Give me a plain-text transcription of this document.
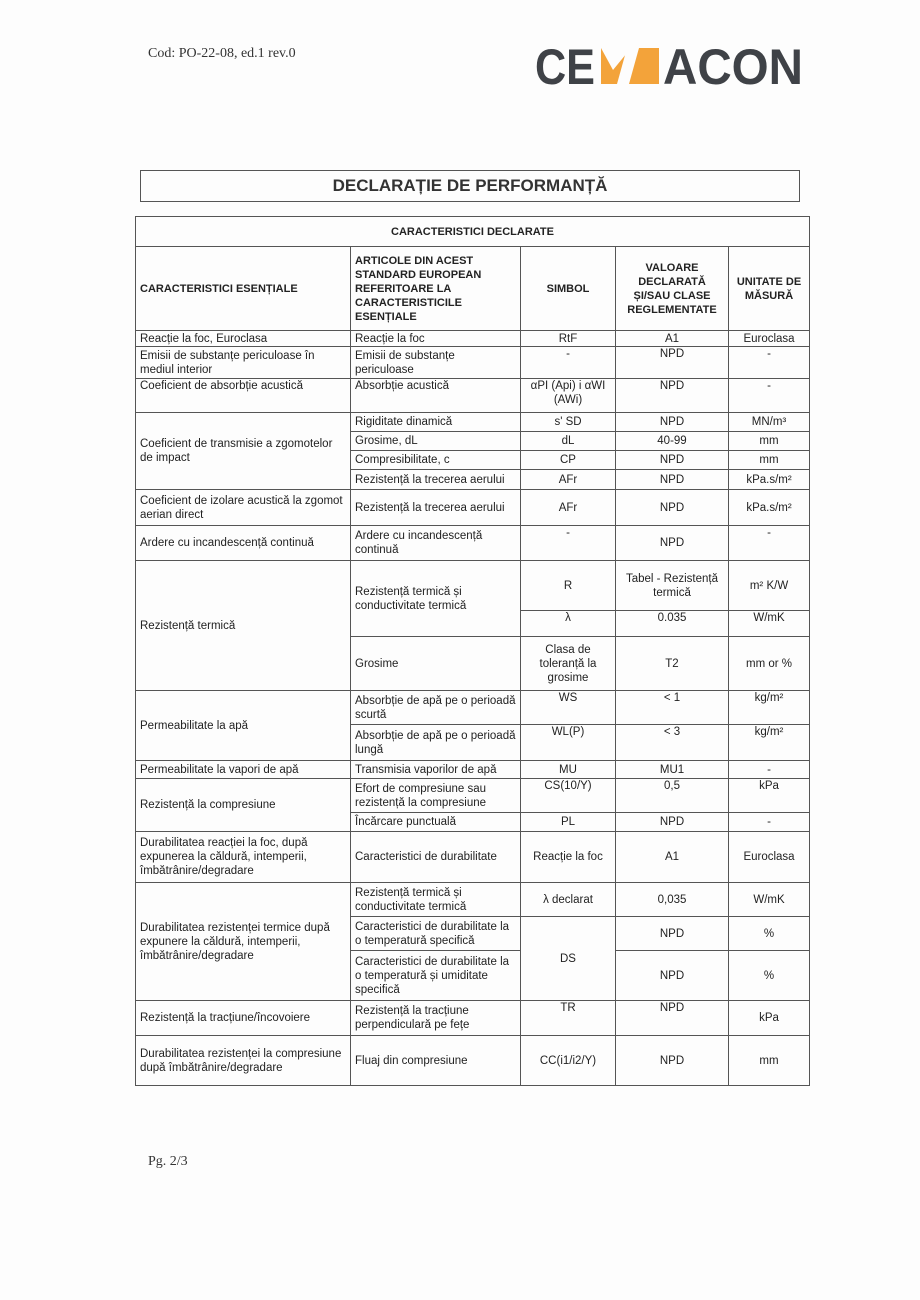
Cod: PO-22-08, ed.1 rev.0	CE ACON
DECLARAȚIE DE PERFORMANȚĂ
CARACTERISTICI DECLARATE				
CARACTERISTICI ESENȚIALE	ARTICOLE DIN ACEST STANDARD EUROPEAN REFERITOARE LA CARACTERISTICILE ESENȚIALE	SIMBOL	VALOARE DECLARATĂ ȘI/SAU CLASE REGLEMENTATE	UNITATE DE MĂSURĂ
Reacție la foc, Euroclasa	Reacție la foc	RtF	A1	Euroclasa
Emisii de substanțe periculoase în mediul interior	Emisii de substanțe periculoase	-	NPD	-
Coeficient de absorbție acustică	Absorbție acustică	αPI (Api) i αWI (AWi)	NPD	-
Coeficient de transmisie a zgomotelor de impact	Rigiditate dinamică	s' SD	NPD	MN/m³
	Grosime, dL	dL	40-99	mm
	Compresibilitate, c	CP	NPD	mm
	Rezistență la trecerea aerului	AFr	NPD	kPa.s/m²
Coeficient de izolare acustică la zgomot aerian direct	Rezistență la trecerea aerului	AFr	NPD	kPa.s/m²
Ardere cu incandescență continuă	Ardere cu incandescență continuă	-	NPD	-
Rezistență termică	Rezistență termică și conductivitate termică	R	Tabel - Rezistență termică	m² K/W
		λ	0.035	W/mK
	Grosime	Clasa de toleranță la grosime	T2	mm or %
Permeabilitate la apă	Absorbție de apă pe o perioadă scurtă	WS	< 1	kg/m²
	Absorbție de apă pe o perioadă lungă	WL(P)	< 3	kg/m²
Permeabilitate la vapori de apă	Transmisia vaporilor de apă	MU	MU1	-
Rezistență la compresiune	Efort de compresiune sau rezistență la compresiune	CS(10/Y)	0,5	kPa
	Încărcare punctuală	PL	NPD	-
Durabilitatea reacției la foc, după expunerea la căldură, intemperii, îmbătrânire/degradare	Caracteristici de durabilitate	Reacție la foc	A1	Euroclasa
Durabilitatea rezistenței termice după expunere la căldură, intemperii, îmbătrânire/degradare	Rezistență termică și conductivitate termică	λ declarat	0,035	W/mK
	Caracteristici de durabilitate la o temperatură specifică	DS	NPD	%
	Caracteristici de durabilitate la o temperatură și umiditate specifică		NPD	%
Rezistență la tracțiune/încovoiere	Rezistență la tracțiune perpendiculară pe fețe	TR	NPD	kPa
Durabilitatea rezistenței la compresiune după îmbătrânire/degradare	Fluaj din compresiune	CC(i1/i2/Y)	NPD	mm
Pg. 2/3
